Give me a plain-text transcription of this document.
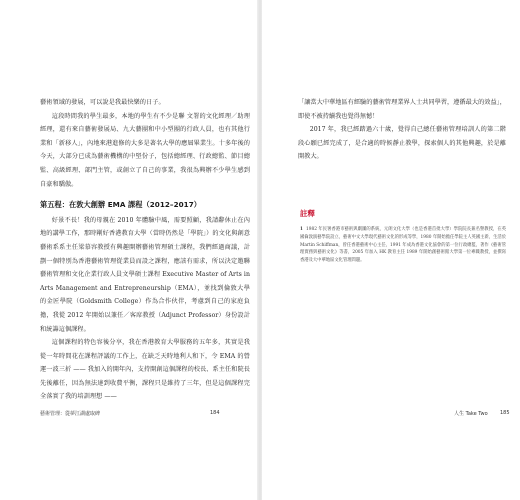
藝術領域的發展，可以說是我最快樂的日子。

這段時間我的學生最多，本地的學生有不少是聯 文署的文化經理／助理經理，還有來自藝術發展局、九大藝團和中小型團的行政人員，也有其他行業和「新移人」，內地來港進修的大多是著名大學的應屆畢業生。十多年後的今天，大部分已成為藝術機構的中堅份子，包括總經理、行政總監、節目總監、高級經理、部門主管，或創立了自己的事業，我很為興辦不少學生感到自豪和驕傲。

第五程：在敦大創辦 EMA 課程（2012–2017）

好景不長！我的母親在 2010 年體驗中風，需要照顧，我請辭休止在內地的講學工作，那時剛好香港教育大學（當時仍然是「學院」）的文化與創意藝術系系主任梁慕容教授有興趣開辦藝術管理碩士課程，我們經過商議，計劃一個特別為香港藝術管理從業員而設之課程，應該有需求，所以決定邀聯藝術管理和文化企業行政人員文學碩士課程 Executive Master of Arts in Arts Management and Entrepreneurship（EMA），並找到倫敦大學的金匠學院（Goldsmith College）作為合作伙伴，考慮到自己的家庭負擔，我從 2012 年開始以兼任／客席教授（Adjunct Professor）身份設計和統籌這個課程。

這個課程的特色容後分享，我在香港教育大學服務的五年多，其實是我從一年時間花在課程評議的工作上，在缺乏天時地利人和下，令 EMA 的營運一波三折 —— 我加入的開年內，支持開創這個課程的校長、系主任和院長先後離任，因為無法達到收費平衡，課程只是維持了三年，但是這個課程完全落實了我的培訓理想 ——

藝術管理：從夢江湖處取碑	184

「讓當大中華地區有經驗的藝術管理業界人士共同學習，遵循最大的效益」，即使不被持續我也覺得無憾！

2017 年，我已經踏過六十歲，覺得自己總任藝術管理培訓人的第二階段心願已經完成了，是合適的時候靜止教學，探索個人的其他興趣，於是離開教大。

註釋
1 1982 年民署香港市藝術與劇團的系統，元朗文化大學（也是香港首批大學）學院院長兼名譽教授，在英國倫敦演藝學院設立，藝術中文大學現代藝術文化的形成等學，1980 年開始擔任學院主人英國主新，生活於 Martin Schiffman，曾任香港藝術中心主任，1991 年成為香港文化協會的第一位行政總監，著作《藝術管理實務與藝術文化》等書，2005 年加入 HK 教育主任 1989 年開始創藝術館大學第一位專職教授，並撰寫香港及大中華地區文化管理問題。
人生 Take Two 185
